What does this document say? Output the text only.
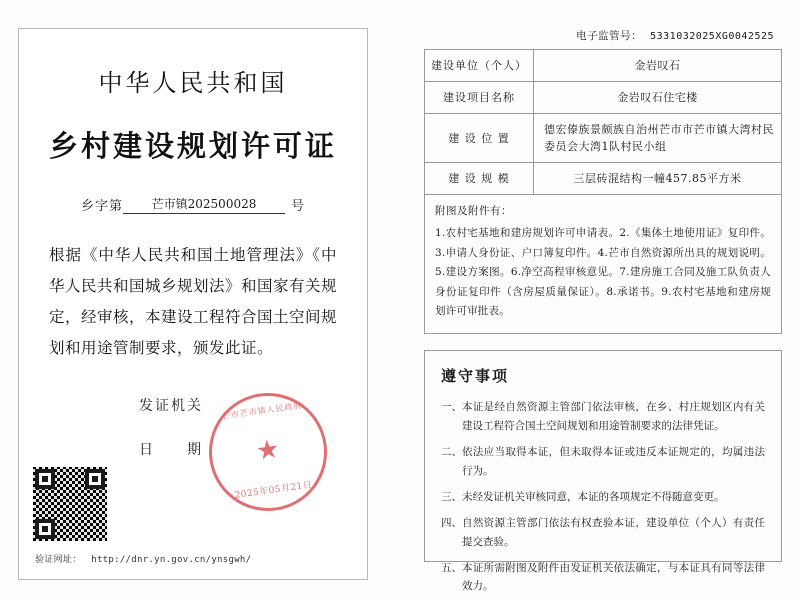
中华人民共和国
乡村建设规划许可证
乡字第	芒市镇202500028	号
根据《中华人民共和国土地管理法》《中华人民共和国城乡规划法》和国家有关规定，经审核，本建设工程符合国土空间规划和用途管制要求，颁发此证。
发证机关
日　　期
芒市芒市镇人民政府
★
2025年05月21日
验证网址： http://dnr.yn.gov.cn/ynsgwh/
电子监管号： 5331032025XG0042525
建设单位（个人）	金岩叹石
建设项目名称	金岩叹石住宅楼
建 设 位 置	德宏傣族景颇族自治州芒市市芒市镇大湾村民委员会大湾1队村民小组
建 设 规 模	三层砖混结构一幢457.85平方米
附图及附件有：
1.农村宅基地和建房规划许可申请表。2.《集体土地使用证》复印件。3.申请人身份证、户口簿复印件。4.芒市自然资源所出具的规划说明。5.建设方案图。6.净空高程审核意见。7.建房施工合同及施工队负责人身份证复印件（含房屋质量保证）。8.承诺书。9.农村宅基地和建房规划许可审批表。
遵守事项
一、 本证是经自然资源主管部门依法审核，在乡、村庄规划区内有关建设工程符合国土空间规划和用途管制要求的法律凭证。
二、 依法应当取得本证，但未取得本证或违反本证规定的，均属违法行为。
三、 未经发证机关审核同意，本证的各项规定不得随意变更。
四、 自然资源主管部门依法有权查验本证，建设单位（个人）有责任提交查验。
五、 本证所需附图及附件由发证机关依法确定，与本证具有同等法律效力。
